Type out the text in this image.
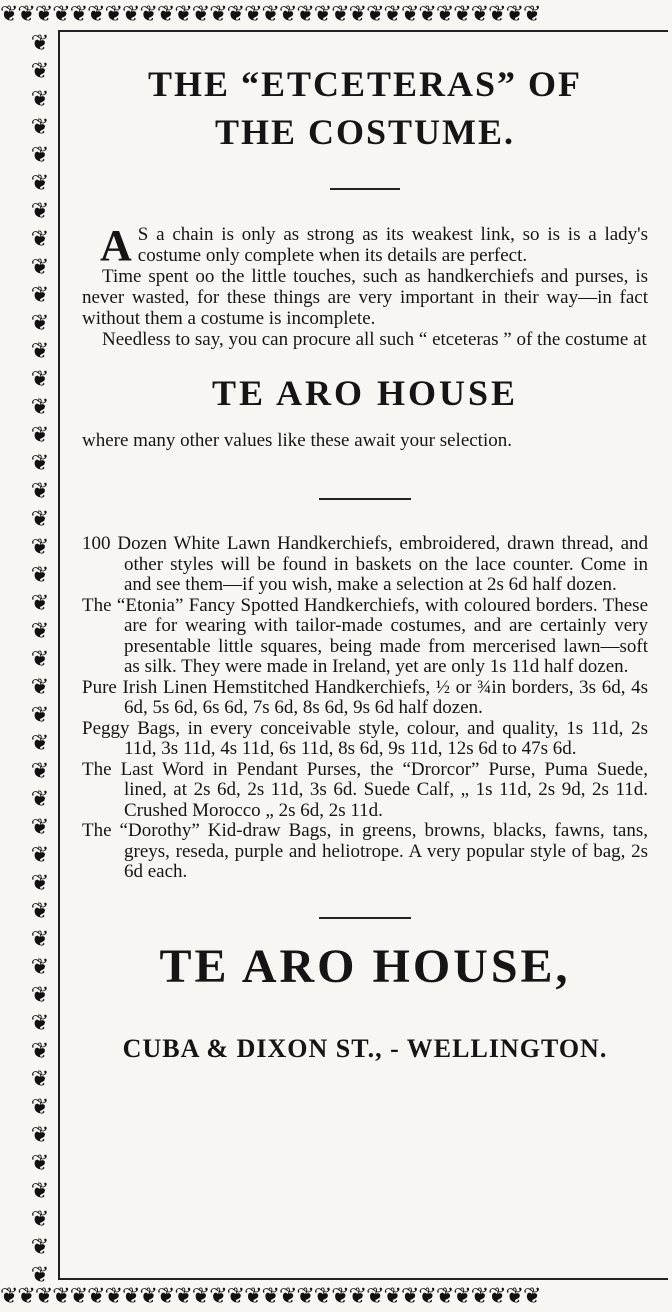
❦❦❦❦❦❦❦❦❦❦❦❦❦❦❦❦❦❦❦❦❦❦❦❦❦❦❦❦❦❦❦
❦❦❦❦❦❦❦❦❦❦❦❦❦❦❦❦❦❦❦❦❦❦❦❦❦❦❦❦❦❦❦❦❦❦❦❦❦❦❦❦❦❦❦❦❦
❦❦❦❦❦❦❦❦❦❦❦❦❦❦❦❦❦❦❦❦❦❦❦❦❦❦❦❦❦❦❦
THE “ETCETERAS” OF
THE COSTUME.

A S a chain is only as strong as its weakest link, so is is a lady's costume only complete when its details are perfect.

Time spent oo the little touches, such as handkerchiefs and purses, is never wasted, for these things are very important in their way—in fact without them a costume is incomplete.

Needless to say, you can procure all such “ etceteras ” of the costume at

TE ARO HOUSE

where many other values like these await your selection.

100 Dozen White Lawn Handkerchiefs, embroidered, drawn thread, and other styles will be found in baskets on the lace counter. Come in and see them—if you wish, make a selection at 2s 6d half dozen.
The “Etonia” Fancy Spotted Handkerchiefs, with coloured borders. These are for wearing with tailor-made costumes, and are certainly very presentable little squares, being made from mercerised lawn—soft as silk. They were made in Ireland, yet are only 1s 11d half dozen.
Pure Irish Linen Hemstitched Handkerchiefs, ½ or ¾in borders, 3s 6d, 4s 6d, 5s 6d, 6s 6d, 7s 6d, 8s 6d, 9s 6d half dozen.
Peggy Bags, in every conceivable style, colour, and quality, 1s 11d, 2s 11d, 3s 11d, 4s 11d, 6s 11d, 8s 6d, 9s 11d, 12s 6d to 47s 6d.
The Last Word in Pendant Purses, the “Drorcor” Purse, Puma Suede, lined, at 2s 6d, 2s 11d, 3s 6d. Suede Calf, „ 1s 11d, 2s 9d, 2s 11d. Crushed Morocco „ 2s 6d, 2s 11d.
The “Dorothy” Kid-draw Bags, in greens, browns, blacks, fawns, tans, greys, reseda, purple and heliotrope. A very popular style of bag, 2s 6d each.
TE ARO HOUSE,

CUBA & DIXON ST., - WELLINGTON.
